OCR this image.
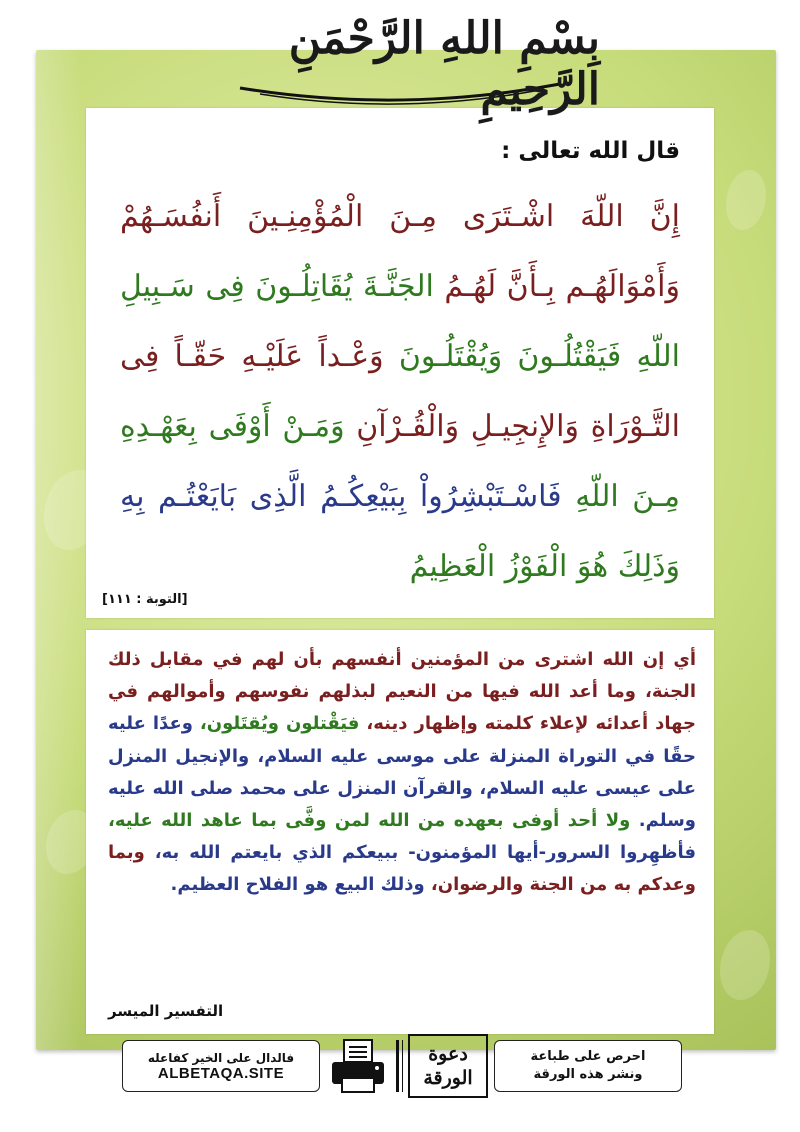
بِسْمِ اللهِ الرَّحْمَنِ الرَّحِيمِ
قال الله تعالى :
إِنَّ اللّهَ اشْـتَرَى مِـنَ الْمُؤْمِنِـينَ أَنفُسَـهُمْ وَأَمْوَالَهُـم بِـأَنَّ لَهُـمُ الجَنَّـةَ يُقَاتِلُـونَ فِى سَـبِيلِ اللّهِ فَيَقْتُلُـونَ وَيُقْتَلُـونَ وَعْـداً عَلَيْـهِ حَقّـاً فِى التَّـوْرَاةِ وَالإِنجِيـلِ وَالْقُـرْآنِ وَمَـنْ أَوْفَى بِعَهْـدِهِ مِـنَ اللّهِ فَاسْـتَبْشِرُواْ بِبَيْعِكُـمُ الَّذِى بَايَعْتُـم بِهِ وَذَلِكَ هُوَ الْفَوْزُ الْعَظِيمُ
[التوبة : ١١١]
أي إن الله اشترى من المؤمنين أنفسهم بأن لهم في مقابل ذلك الجنة، وما أعد الله فيها من النعيم لبذلهم نفوسهم وأموالهم في جهاد أعدائه لإعلاء كلمته وإظهار دينه، فيَقْتلون ويُقتَلون، وعدًا عليه حقًا في التوراة المنزلة على موسى عليه السلام، والإنجيل المنزل على عيسى عليه السلام، والقرآن المنزل على محمد صلى الله عليه وسلم. ولا أحد أوفى بعهده من الله لمن وفَّى بما عاهد الله عليه، فأظهِروا السرور-أيها المؤمنون- ببيعكم الذي بايعتم الله به، وبما وعدكم به من الجنة والرضوان، وذلك البيع هو الفلاح العظيم.
التفسير الميسر
فالدال على الخير كفاعله
ALBETAQA.SITE
دعوة
الورقة
احرص على طباعة
ونشر هذه الورقة
